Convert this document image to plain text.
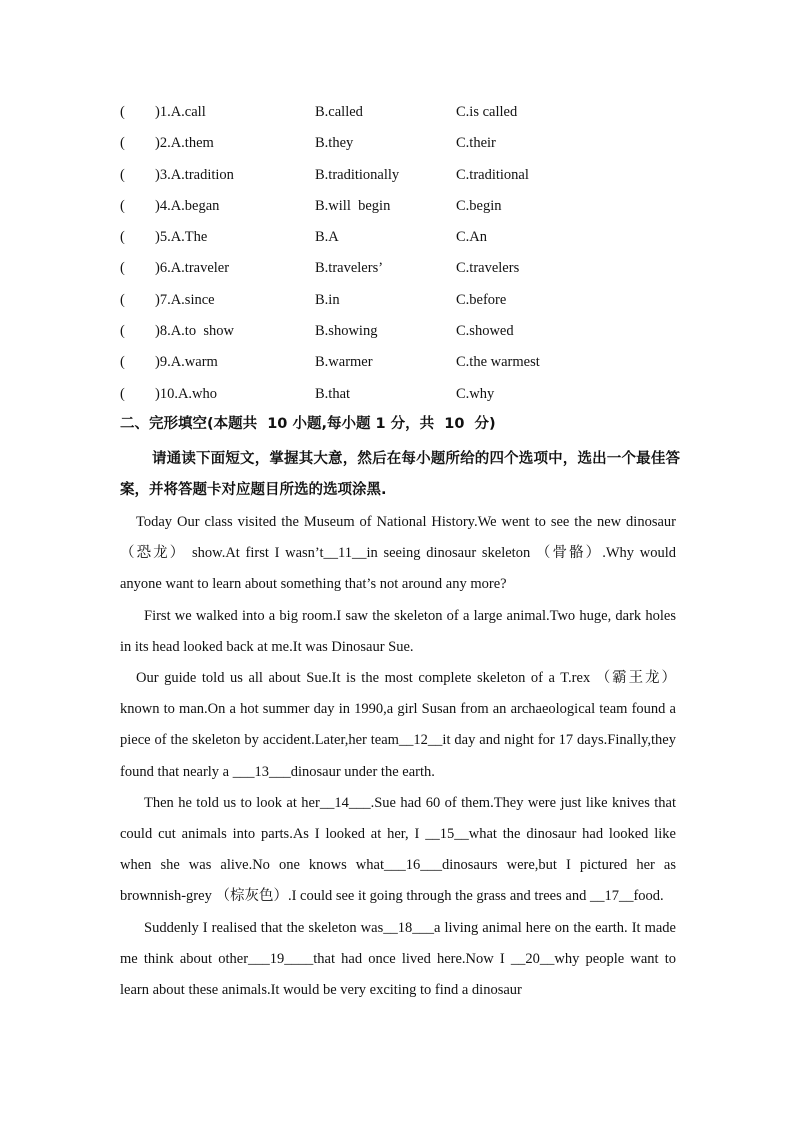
( )1.A.call	B.called	C.is called
( )2.A.them	B.they	C.their
( )3.A.tradition	B.traditionally	C.traditional
( )4.A.began	B.will  begin	C.begin
( )5.A.The	B.A	C.An
( )6.A.traveler	B.travelers’	C.travelers
( )7.A.since	B.in	C.before
( )8.A.to  show	B.showing	C.showed
( )9.A.warm	B.warmer	C.the warmest
( )10.A.who	B.that	C.why
二、完形填空(本题共  10 小题,每小题 1 分，共  10  分)
请通读下面短文，掌握其大意，然后在每小题所给的四个选项中，选出一个最佳答案，并将答题卡对应题目所选的选项涂黑.

Today Our class visited the Museum of National History.We went to see the new dinosaur （恐龙） show.At first I wasn’t__11__in seeing dinosaur skeleton （骨骼）.Why would anyone want to learn about something that’s not around any more?

First we walked into a big room.I saw the skeleton of a large animal.Two huge, dark holes in its head looked back at me.It was Dinosaur Sue.

Our guide told us all about Sue.It is the most complete skeleton of a T.rex （霸王龙） known to man.On a hot summer day in 1990,a girl Susan from an archaeological team found a piece of the skeleton by accident.Later,her team__12__it day and night for 17 days.Finally,they found that nearly a ___13___dinosaur under the earth.

Then he told us to look at her__14___.Sue had 60 of them.They were just like knives that could cut animals into parts.As I looked at her, I __15__what the dinosaur had looked like when she was alive.No one knows what___16___dinosaurs were,but I pictured her as brownnish-grey （棕灰色）.I could see it going through the grass and trees and __17__food.

Suddenly I realised that the skeleton was__18___a living animal here on the earth. It made me think about other___19____that had once lived here.Now I __20__why people want to learn about these animals.It would be very exciting to find a dinosaur
